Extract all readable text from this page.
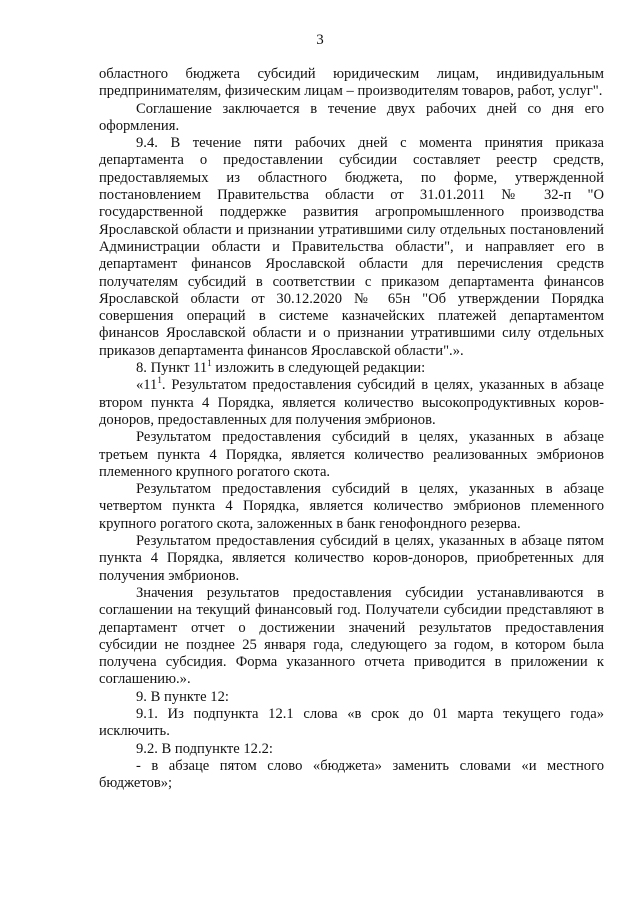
3

областного бюджета субсидий юридическим лицам, индивидуальным предпринимателям, физическим лицам – производителям товаров, работ, услуг".

Соглашение заключается в течение двух рабочих дней со дня его оформления.

9.4. В течение пяти рабочих дней с момента принятия приказа департамента о предоставлении субсидии составляет реестр средств, предоставляемых из областного бюджета, по форме, утвержденной постановлением Правительства области от 31.01.2011 № 32-п "О государственной поддержке развития агропромышленного производства Ярославской области и признании утратившими силу отдельных постановлений Администрации области и Правительства области", и направляет его в департамент финансов Ярославской области для перечисления средств получателям субсидий в соответствии с приказом департамента финансов Ярославской области от 30.12.2020 № 65н "Об утверждении Порядка совершения операций в системе казначейских платежей департаментом финансов Ярославской области и о признании утратившими силу отдельных приказов департамента финансов Ярославской области".».

8. Пункт $11^1$ изложить в следующей редакции:

«$11^1$. Результатом предоставления субсидий в целях, указанных в абзаце втором пункта 4 Порядка, является количество высокопродуктивных коров-доноров, предоставленных для получения эмбрионов.

Результатом предоставления субсидий в целях, указанных в абзаце третьем пункта 4 Порядка, является количество реализованных эмбрионов племенного крупного рогатого скота.

Результатом предоставления субсидий в целях, указанных в абзаце четвертом пункта 4 Порядка, является количество эмбрионов племенного крупного рогатого скота, заложенных в банк генофондного резерва.

Результатом предоставления субсидий в целях, указанных в абзаце пятом пункта 4 Порядка, является количество коров-доноров, приобретенных для получения эмбрионов.

Значения результатов предоставления субсидии устанавливаются в соглашении на текущий финансовый год. Получатели субсидии представляют в департамент отчет о достижении значений результатов предоставления субсидии не позднее 25 января года, следующего за годом, в котором была получена субсидия. Форма указанного отчета приводится в приложении к соглашению.».

9. В пункте 12:

9.1. Из подпункта 12.1 слова «в срок до 01 марта текущего года» исключить.

9.2. В подпункте 12.2:

- в абзаце пятом слово «бюджета» заменить словами «и местного бюджетов»;
